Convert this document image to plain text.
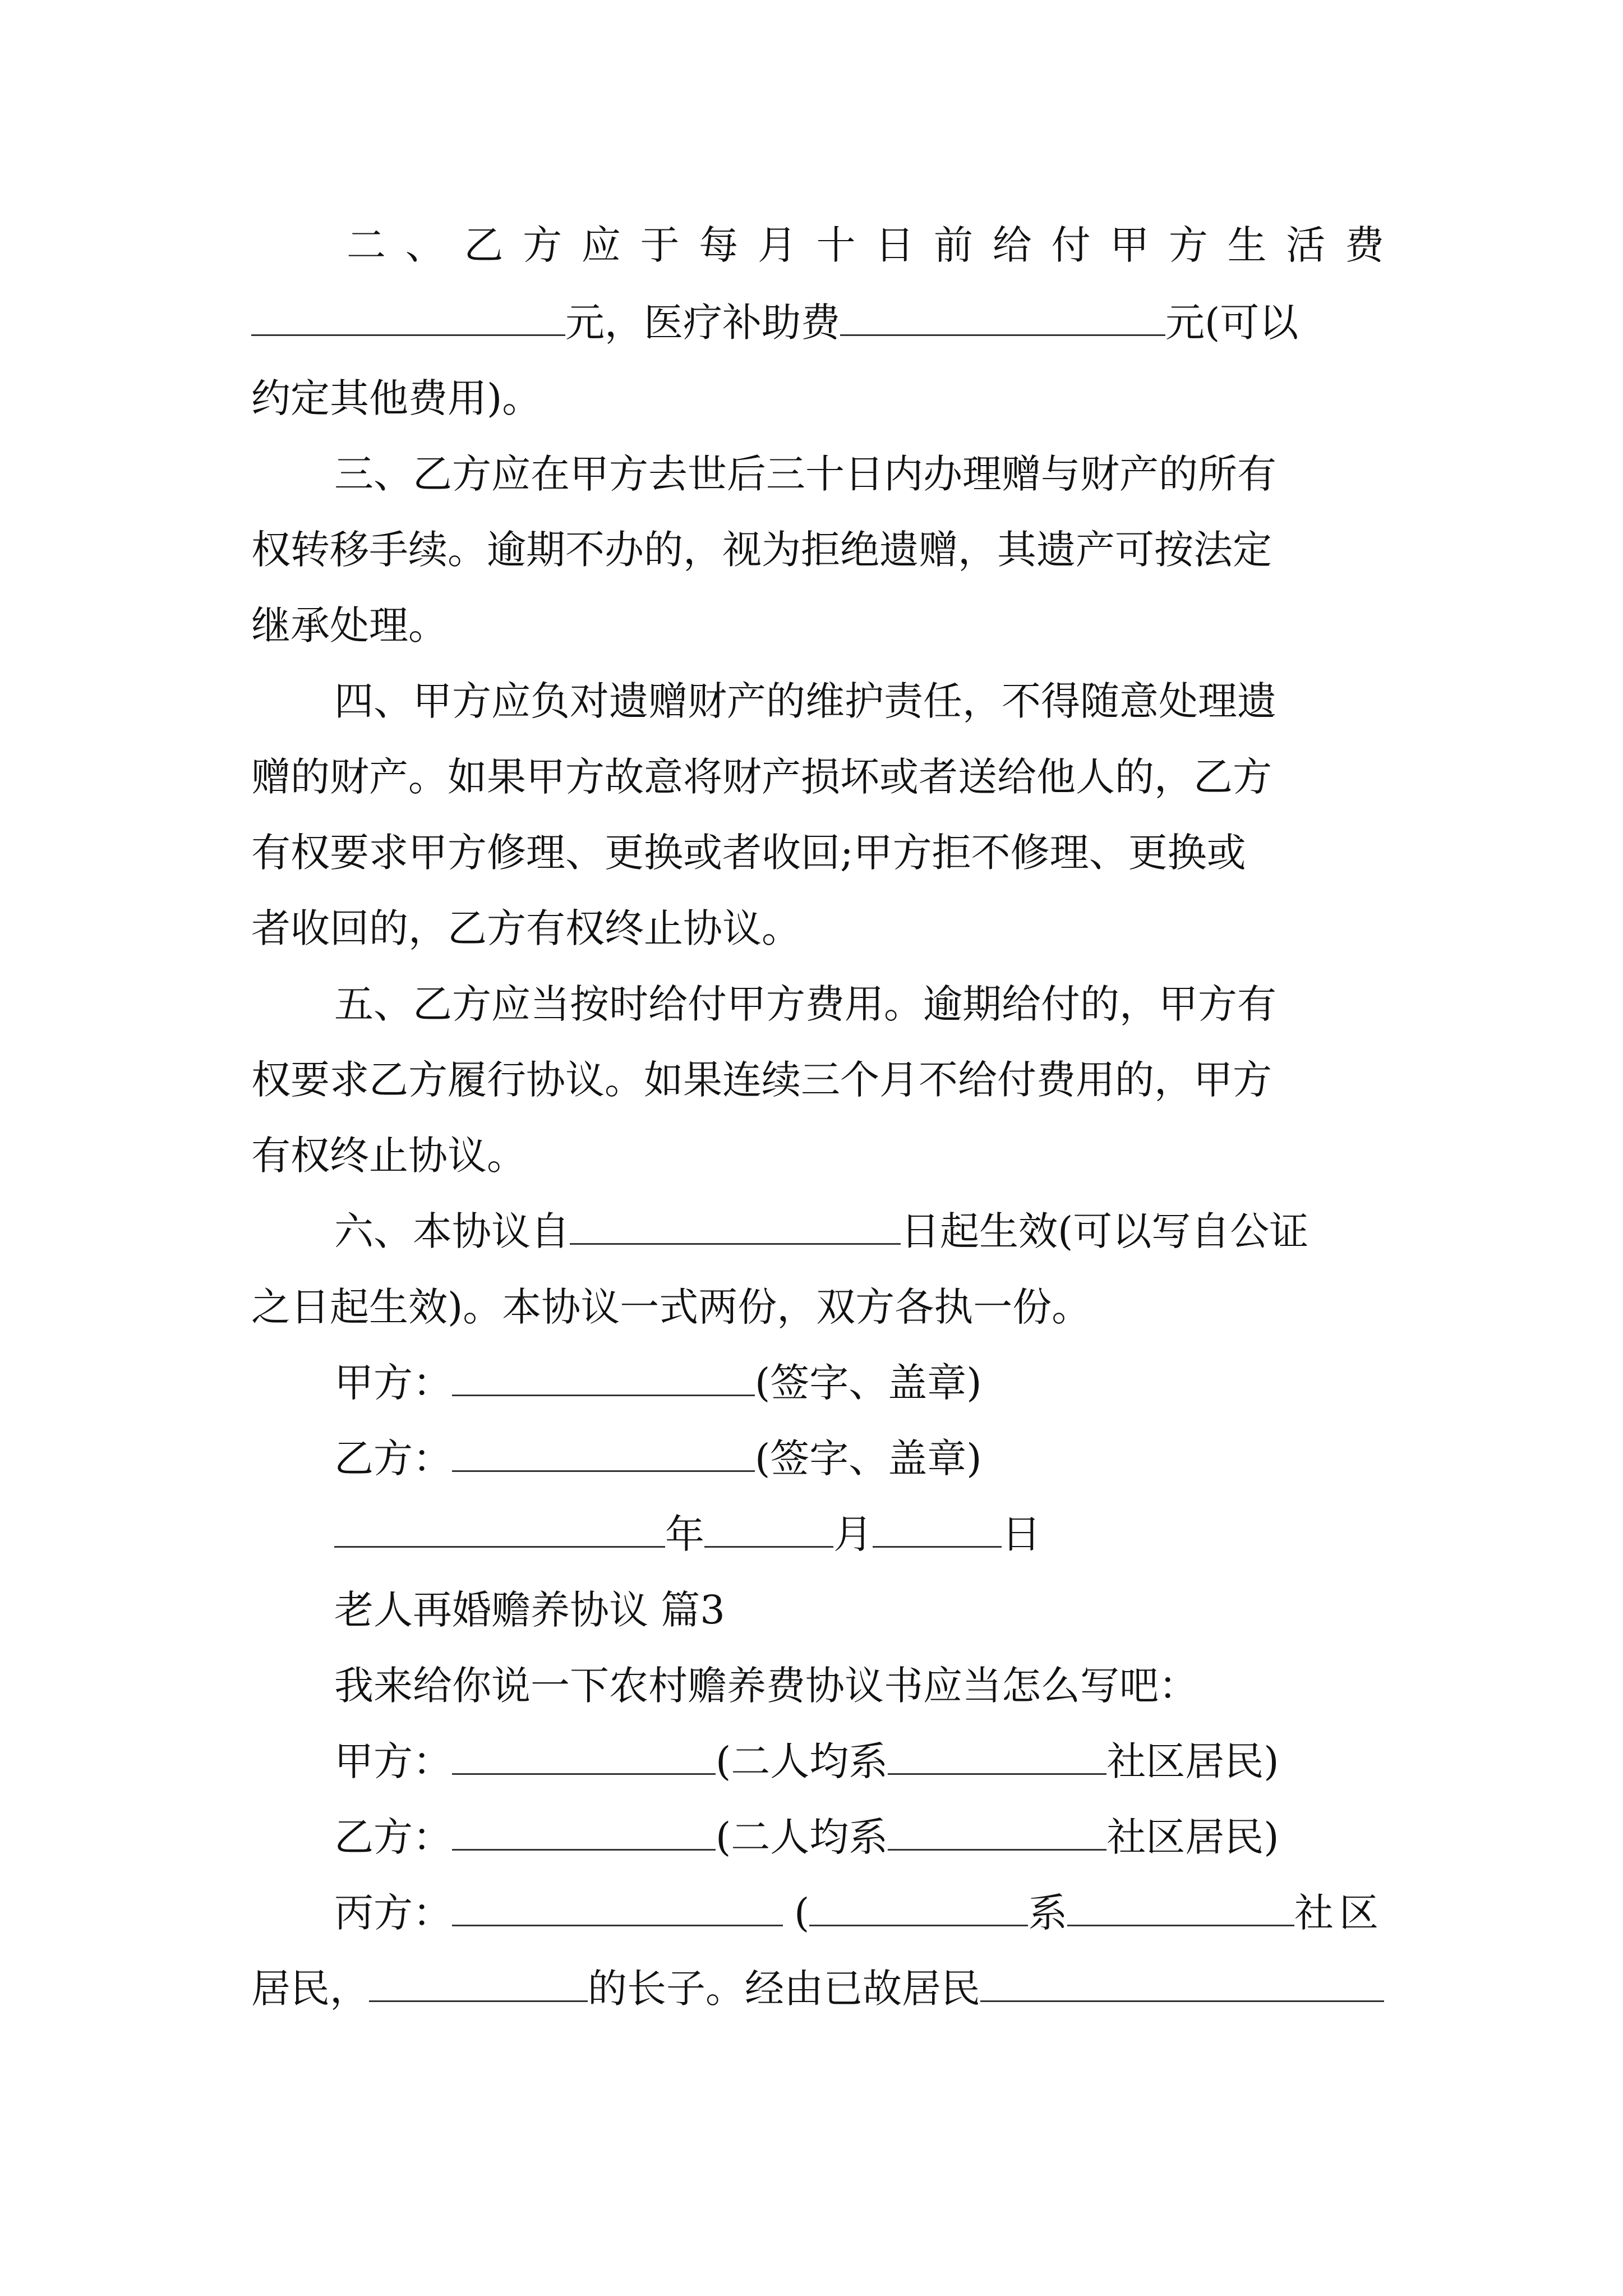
二 、 乙 方 应 于 每 月 十 日 前 给 付 甲 方 生 活 费
元，医疗补助费	元(可以
约定其他费用)。
三、乙方应在甲方去世后三十日内办理赠与财产的所有
权转移手续。逾期不办的，视为拒绝遗赠，其遗产可按法定
继承处理。
四、甲方应负对遗赠财产的维护责任，不得随意处理遗
赠的财产。如果甲方故意将财产损坏或者送给他人的，乙方
有权要求甲方修理、更换或者收回;甲方拒不修理、更换或
者收回的，乙方有权终止协议。
五、乙方应当按时给付甲方费用。逾期给付的，甲方有
权要求乙方履行协议。如果连续三个月不给付费用的，甲方
有权终止协议。
六、本协议自	日起生效(可以写自公证
之日起生效)。本协议一式两份，双方各执一份。
甲方：	(签字、盖章)
乙方：	(签字、盖章)
年	月	日
老人再婚赡养协议 篇3
我来给你说一下农村赡养费协议书应当怎么写吧：
甲方：	(二人均系	社区居民)
乙方：	(二人均系	社区居民)
丙方：	(	系	社区
居民，	的长子。经由已故居民
